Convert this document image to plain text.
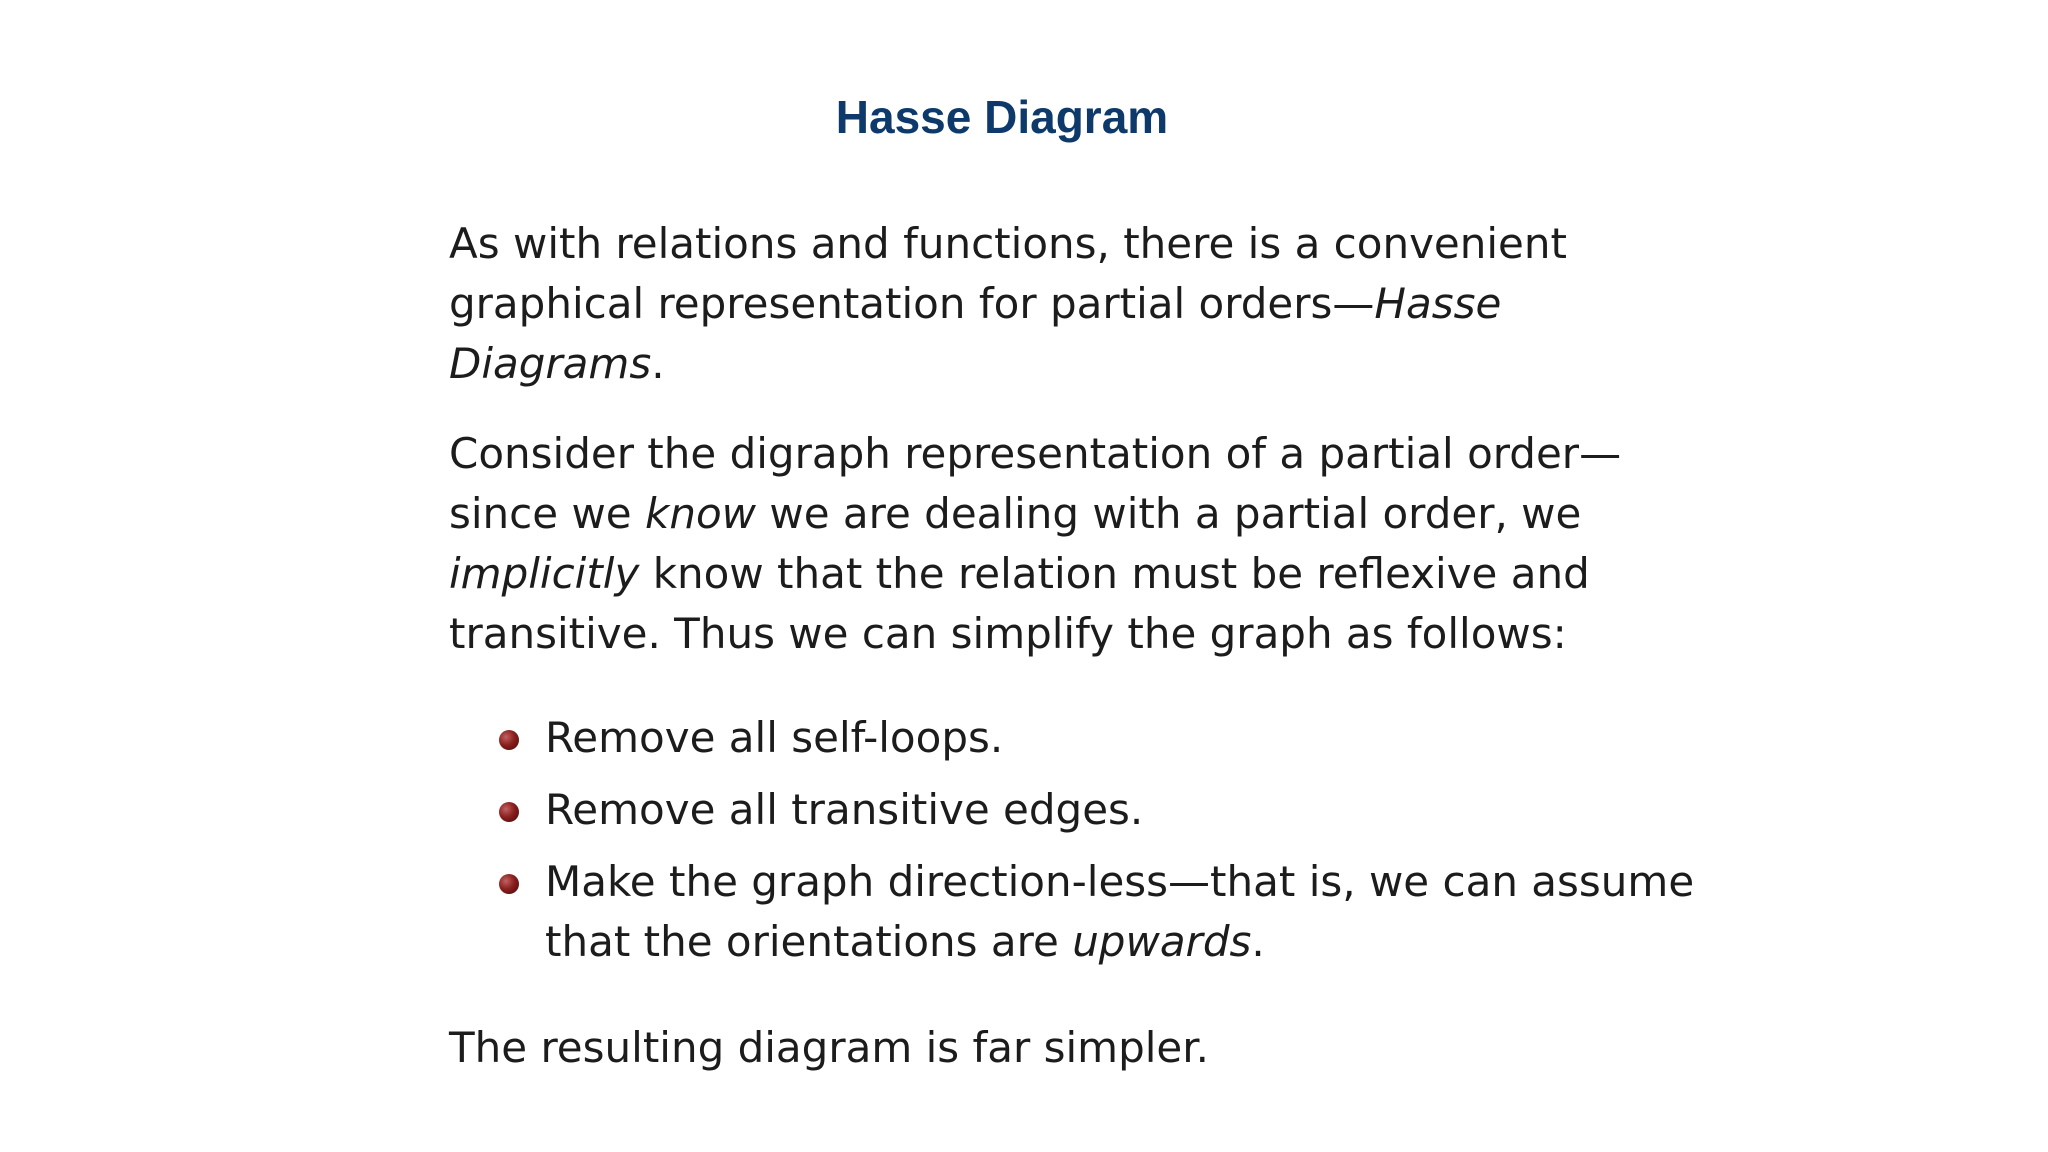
Hasse Diagram

As with relations and functions, there is a convenient graphical representation for partial orders—Hasse Diagrams.

Consider the digraph representation of a partial order—since we know we are dealing with a partial order, we implicitly know that the relation must be reflexive and transitive. Thus we can simplify the graph as follows:

Remove all self-loops.
Remove all transitive edges.
Make the graph direction-less—that is, we can assume that the orientations are upwards.

The resulting diagram is far simpler.
